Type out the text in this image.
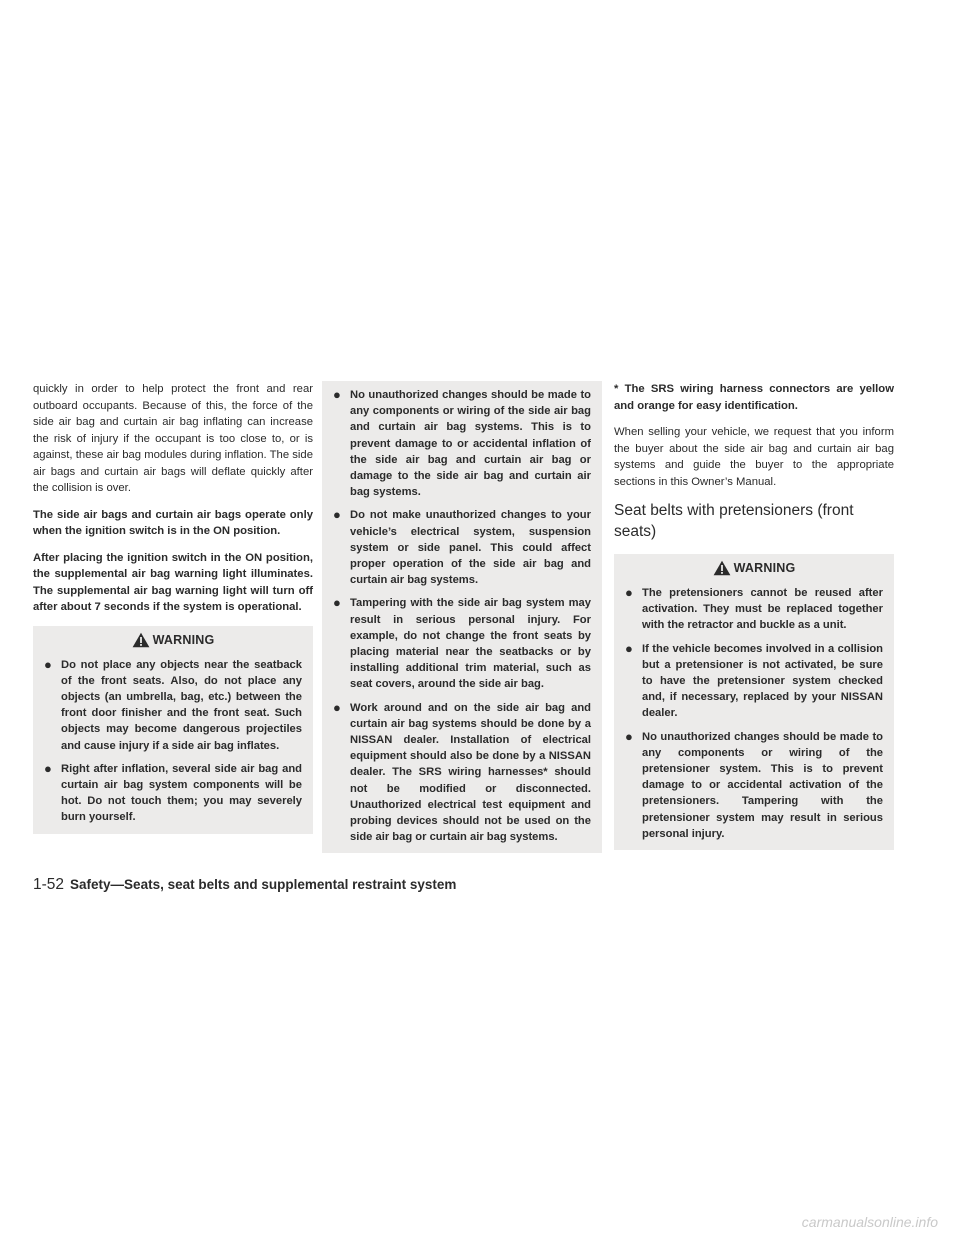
quickly in order to help protect the front and rear outboard occupants. Because of this, the force of the side air bag and curtain air bag inflating can increase the risk of injury if the occupant is too close to, or is against, these air bag modules during inflation. The side air bags and curtain air bags will deflate quickly after the collision is over.

The side air bags and curtain air bags operate only when the ignition switch is in the ON position.

After placing the ignition switch in the ON position, the supplemental air bag warning light illuminates. The supplemental air bag warning light will turn off after about 7 seconds if the system is operational.

WARNING
● Do not place any objects near the seatback of the front seats. Also, do not place any objects (an umbrella, bag, etc.) between the front door finisher and the front seat. Such objects may become dangerous projectiles and cause injury if a side air bag inflates.
● Right after inflation, several side air bag and curtain air bag system components will be hot. Do not touch them; you may severely burn yourself.
● No unauthorized changes should be made to any components or wiring of the side air bag and curtain air bag systems. This is to prevent damage to or accidental inflation of the side air bag and curtain air bag or damage to the side air bag and curtain air bag systems.
● Do not make unauthorized changes to your vehicle’s electrical system, suspension system or side panel. This could affect proper operation of the side air bag and curtain air bag systems.
● Tampering with the side air bag system may result in serious personal injury. For example, do not change the front seats by placing material near the seatbacks or by installing additional trim material, such as seat covers, around the side air bag.
● Work around and on the side air bag and curtain air bag systems should be done by a NISSAN dealer. Installation of electrical equipment should also be done by a NISSAN dealer. The SRS wiring harnesses* should not be modified or disconnected. Unauthorized electrical test equipment and probing devices should not be used on the side air bag or curtain air bag systems.

* The SRS wiring harness connectors are yellow and orange for easy identification.

When selling your vehicle, we request that you inform the buyer about the side air bag and curtain air bag systems and guide the buyer to the appropriate sections in this Owner’s Manual.

Seat belts with pretensioners (front seats)
WARNING
● The pretensioners cannot be reused after activation. They must be replaced together with the retractor and buckle as a unit.
● If the vehicle becomes involved in a collision but a pretensioner is not activated, be sure to have the pretensioner system checked and, if necessary, replaced by your NISSAN dealer.
● No unauthorized changes should be made to any components or wiring of the pretensioner system. This is to prevent damage to or accidental activation of the pretensioners. Tampering with the pretensioner system may result in serious personal injury.
1-52 Safety—Seats, seat belts and supplemental restraint system
carmanualsonline.info
